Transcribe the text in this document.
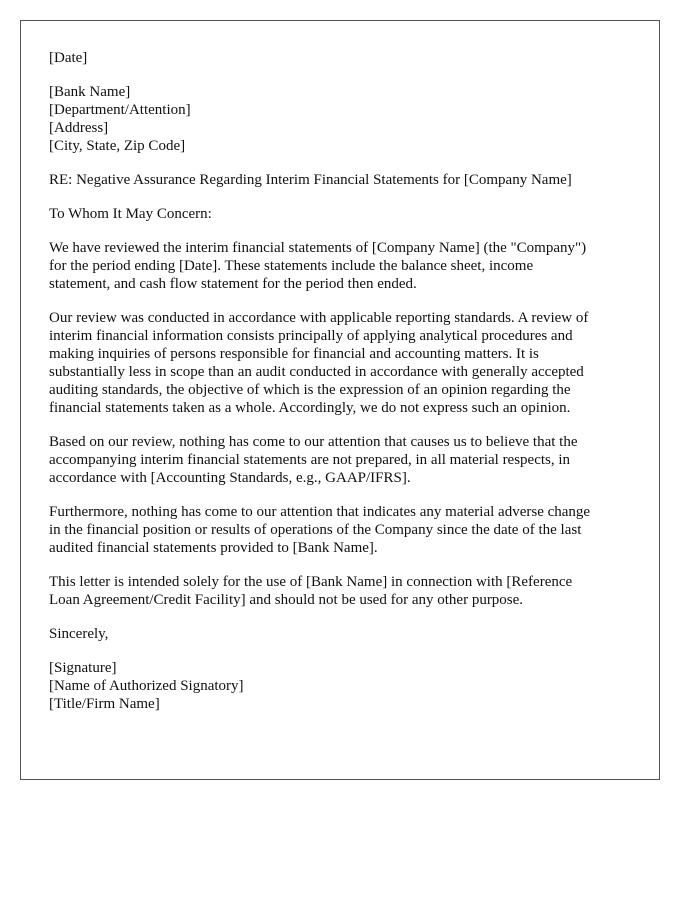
[Date]
[Bank Name]
[Department/Attention]
[Address]
[City, State, Zip Code]
RE: Negative Assurance Regarding Interim Financial Statements for [Company Name]
To Whom It May Concern:

We have reviewed the interim financial statements of [Company Name] (the "Company")
for the period ending [Date]. These statements include the balance sheet, income
statement, and cash flow statement for the period then ended.

Our review was conducted in accordance with applicable reporting standards. A review of
interim financial information consists principally of applying analytical procedures and
making inquiries of persons responsible for financial and accounting matters. It is
substantially less in scope than an audit conducted in accordance with generally accepted
auditing standards, the objective of which is the expression of an opinion regarding the
financial statements taken as a whole. Accordingly, we do not express such an opinion.

Based on our review, nothing has come to our attention that causes us to believe that the
accompanying interim financial statements are not prepared, in all material respects, in
accordance with [Accounting Standards, e.g., GAAP/IFRS].

Furthermore, nothing has come to our attention that indicates any material adverse change
in the financial position or results of operations of the Company since the date of the last
audited financial statements provided to [Bank Name].

This letter is intended solely for the use of [Bank Name] in connection with [Reference
Loan Agreement/Credit Facility] and should not be used for any other purpose.

Sincerely,
[Signature]
[Name of Authorized Signatory]
[Title/Firm Name]
